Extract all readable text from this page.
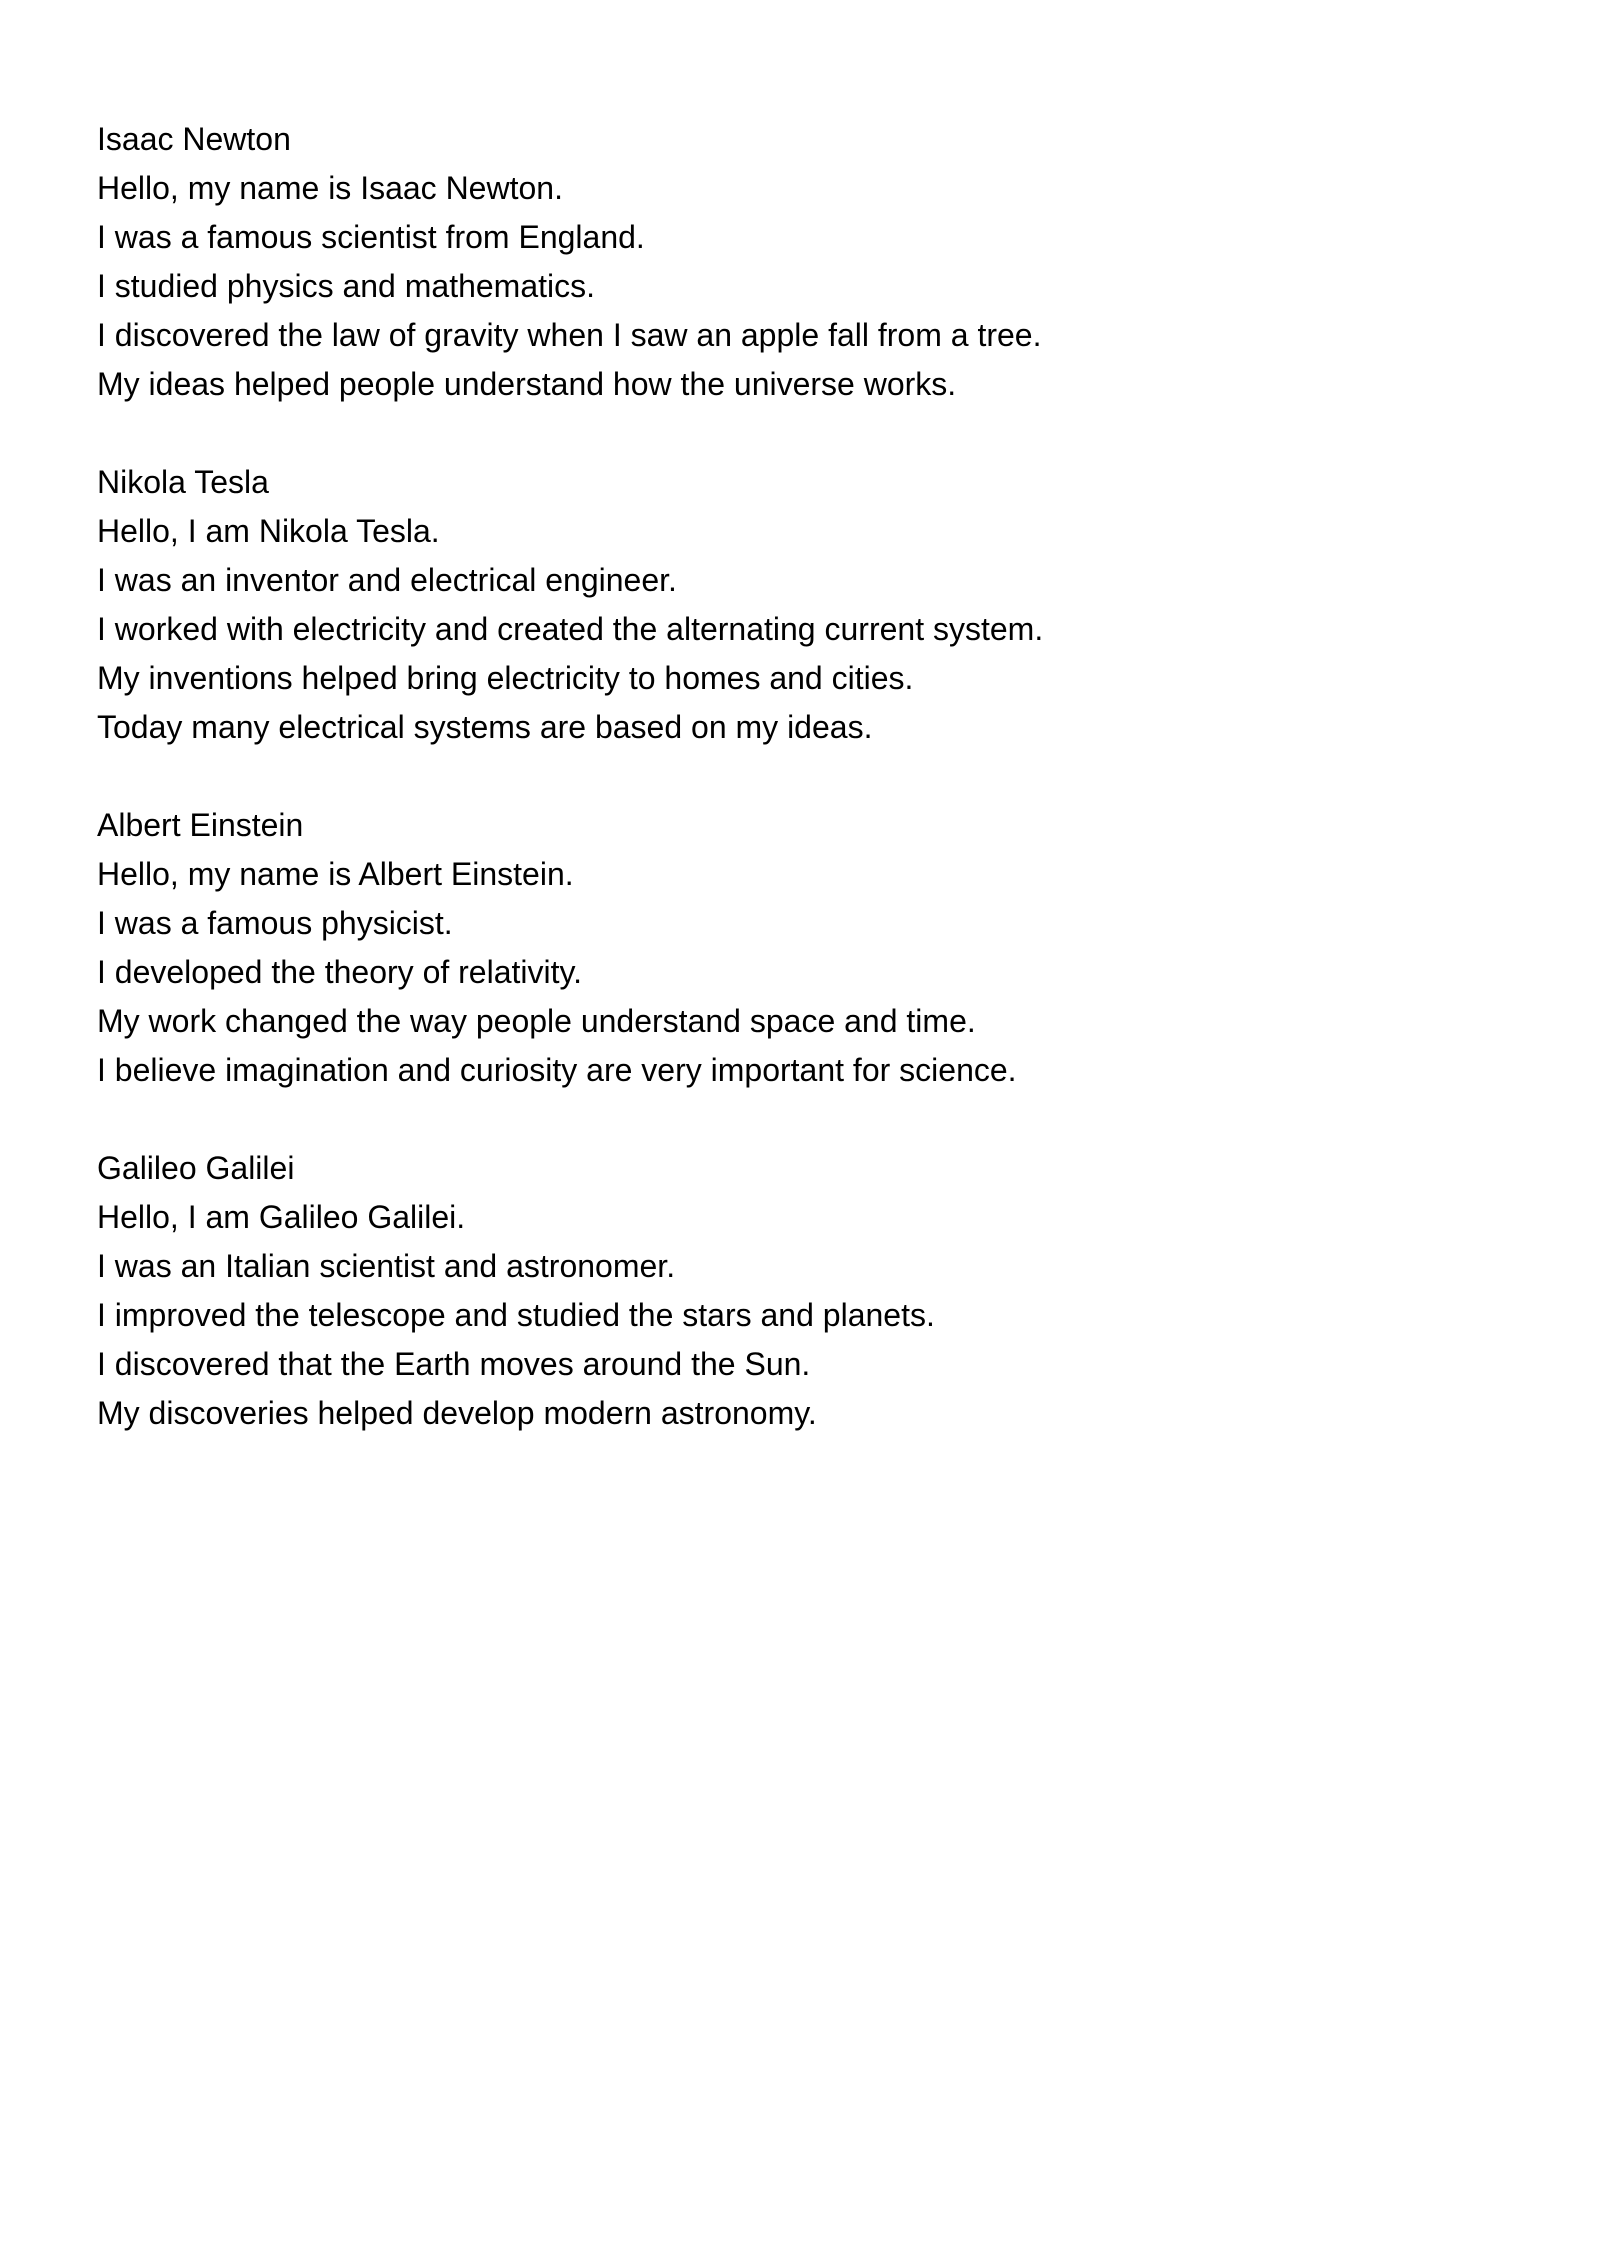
Isaac Newton
Hello, my name is Isaac Newton.
I was a famous scientist from England.
I studied physics and mathematics.
I discovered the law of gravity when I saw an apple fall from a tree.
My ideas helped people understand how the universe works.
Nikola Tesla
Hello, I am Nikola Tesla.
I was an inventor and electrical engineer.
I worked with electricity and created the alternating current system.
My inventions helped bring electricity to homes and cities.
Today many electrical systems are based on my ideas.
Albert Einstein
Hello, my name is Albert Einstein.
I was a famous physicist.
I developed the theory of relativity.
My work changed the way people understand space and time.
I believe imagination and curiosity are very important for science.
Galileo Galilei
Hello, I am Galileo Galilei.
I was an Italian scientist and astronomer.
I improved the telescope and studied the stars and planets.
I discovered that the Earth moves around the Sun.
My discoveries helped develop modern astronomy.
